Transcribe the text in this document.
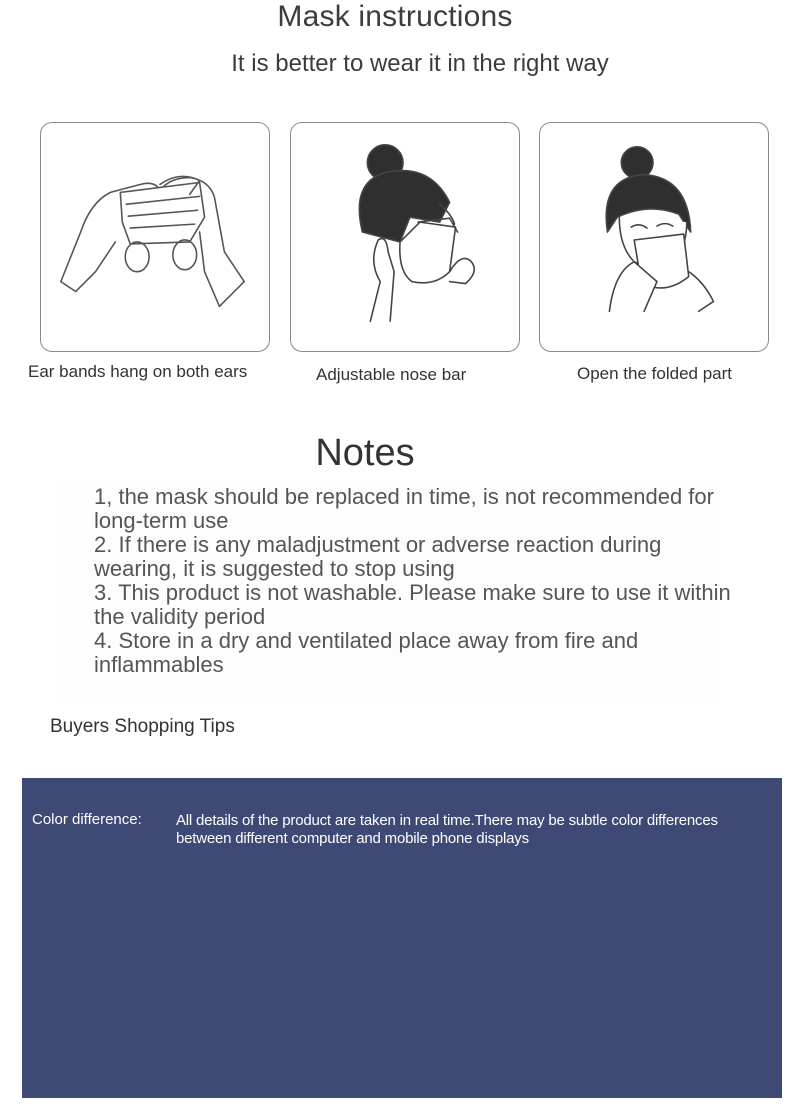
Mask instructions
It is better to wear it in the right way
Ear bands hang on both ears	Adjustable nose bar	Open the folded part
Notes
1, the mask should be replaced in time, is not recommended for long-term use
2. If there is any maladjustment or adverse reaction during wearing, it is suggested to stop using
3. This product is not washable. Please make sure to use it within the validity period
4. Store in a dry and ventilated place away from fire and inflammables
Buyers Shopping Tips
Color difference: All details of the product are taken in real time.There may be subtle color differences between different computer and mobile phone displays
